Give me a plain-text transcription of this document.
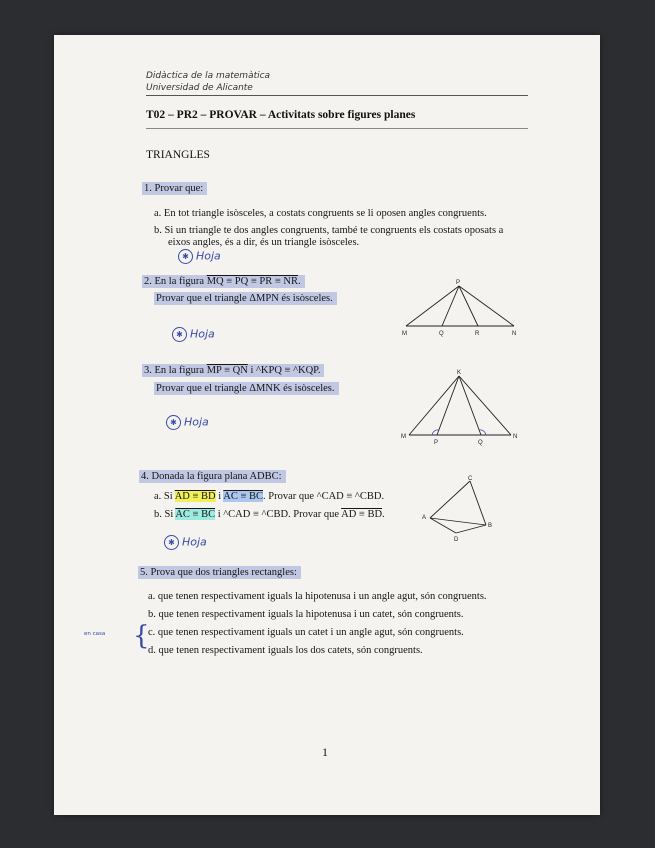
Didàctica de la matemàtica
Universidad de Alicante
T02 – PR2 – PROVAR – Activitats sobre figures planes
TRIANGLES
1. Provar que:
a. En tot triangle isòsceles, a costats congruents se li oposen angles congruents.
b. Si un triangle te dos angles congruents, també te congruents els costats oposats a
eixos angles, és a dir, és un triangle isòsceles.
✱ Hoja
2. En la figura MQ ≡ PQ ≡ PR ≡ NR.
Provar que el triangle ΔMPN és isòsceles.
✱ Hoja
P
M	Q	R	N
3. En la figura MP ≡ QN i ^KPQ ≡ ^KQP.
Provar que el triangle ΔMNK és isòsceles.
✱ Hoja
K
M
P	Q
N
4. Donada la figura plana ADBC:
a. Si AD ≡ BD i AC ≡ BC. Provar que ^CAD ≡ ^CBD.
b. Si AC ≡ BC i ^CAD ≡ ^CBD. Provar que AD ≡ BD.
✱ Hoja
C
A
B
D
5. Prova que dos triangles rectangles:
a. que tenen respectivament iguals la hipotenusa i un angle agut, són congruents.
b. que tenen respectivament iguals la hipotenusa i un catet, són congruents.
c. que tenen respectivament iguals un catet i un angle agut, són congruents.
d. que tenen respectivament iguals los dos catets, són congruents.
en casa {
1
